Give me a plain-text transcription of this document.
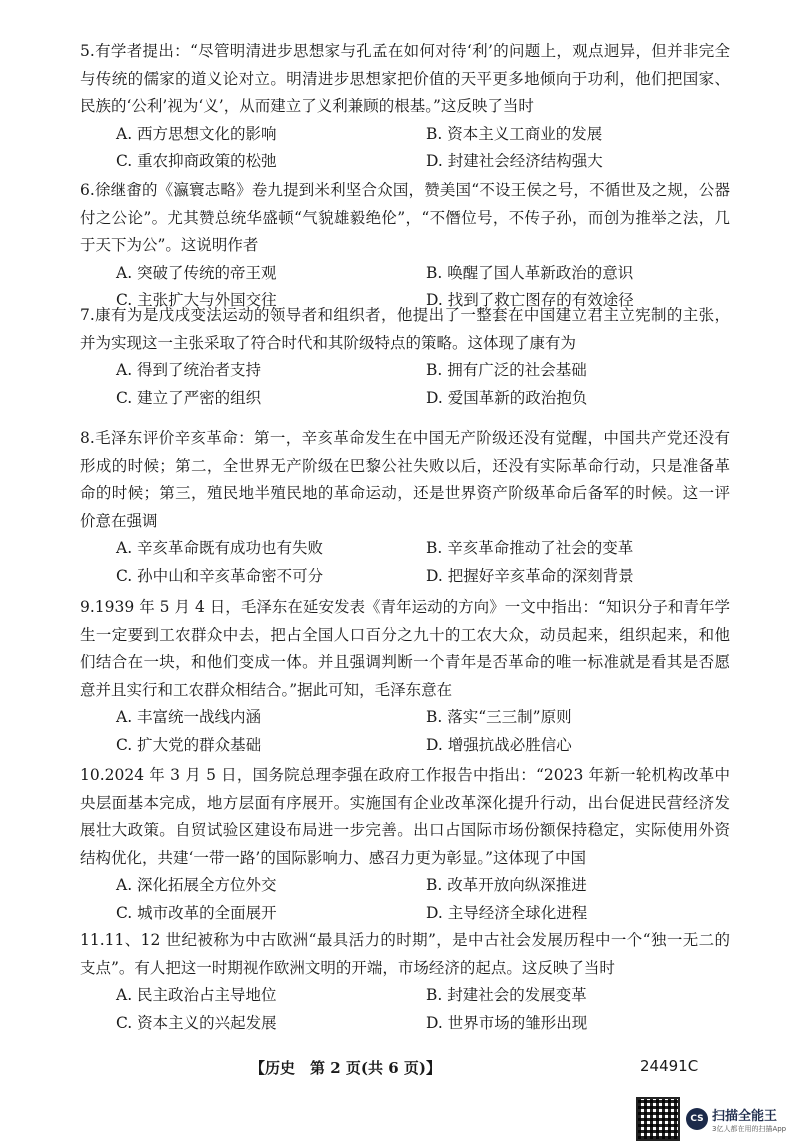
5.有学者提出：“尽管明清进步思想家与孔孟在如何对待‘利’的问题上，观点迥异，但并非完全与传统的儒家的道义论对立。明清进步思想家把价值的天平更多地倾向于功利，他们把国家、民族的‘公利’视为‘义’，从而建立了义利兼顾的根基。”这反映了当时

A. 西方思想文化的影响	B. 资本主义工商业的发展
C. 重农抑商政策的松弛	D. 封建社会经济结构强大

6.徐继畬的《瀛寰志略》卷九提到米利坚合众国，赞美国“不设王侯之号，不循世及之规，公器付之公论”。尤其赞总统华盛顿“气貌雄毅绝伦”，“不僭位号，不传子孙，而创为推举之法，几于天下为公”。这说明作者

A. 突破了传统的帝王观	B. 唤醒了国人革新政治的意识
C. 主张扩大与外国交往	D. 找到了救亡图存的有效途径

7.康有为是戊戌变法运动的领导者和组织者，他提出了一整套在中国建立君主立宪制的主张，并为实现这一主张采取了符合时代和其阶级特点的策略。这体现了康有为

A. 得到了统治者支持	B. 拥有广泛的社会基础
C. 建立了严密的组织	D. 爱国革新的政治抱负

8.毛泽东评价辛亥革命：第一，辛亥革命发生在中国无产阶级还没有觉醒，中国共产党还没有形成的时候；第二，全世界无产阶级在巴黎公社失败以后，还没有实际革命行动，只是准备革命的时候；第三，殖民地半殖民地的革命运动，还是世界资产阶级革命后备军的时候。这一评价意在强调

A. 辛亥革命既有成功也有失败	B. 辛亥革命推动了社会的变革
C. 孙中山和辛亥革命密不可分	D. 把握好辛亥革命的深刻背景

9.1939 年 5 月 4 日，毛泽东在延安发表《青年运动的方向》一文中指出：“知识分子和青年学生一定要到工农群众中去，把占全国人口百分之九十的工农大众，动员起来，组织起来，和他们结合在一块，和他们变成一体。并且强调判断一个青年是否革命的唯一标准就是看其是否愿意并且实行和工农群众相结合。”据此可知，毛泽东意在

A. 丰富统一战线内涵	B. 落实“三三制”原则
C. 扩大党的群众基础	D. 增强抗战必胜信心

10.2024 年 3 月 5 日，国务院总理李强在政府工作报告中指出：“2023 年新一轮机构改革中央层面基本完成，地方层面有序展开。实施国有企业改革深化提升行动，出台促进民营经济发展壮大政策。自贸试验区建设布局进一步完善。出口占国际市场份额保持稳定，实际使用外资结构优化，共建‘一带一路’的国际影响力、感召力更为彰显。”这体现了中国

A. 深化拓展全方位外交	B. 改革开放向纵深推进
C. 城市改革的全面展开	D. 主导经济全球化进程

11.11、12 世纪被称为中古欧洲“最具活力的时期”，是中古社会发展历程中一个“独一无二的支点”。有人把这一时期视作欧洲文明的开端，市场经济的起点。这反映了当时

A. 民主政治占主导地位	B. 封建社会的发展变革
C. 资本主义的兴起发展	D. 世界市场的雏形出现
【历史　第 2 页(共 6 页)】	24491C
CS 扫描全能王
3亿人都在用的扫描App
